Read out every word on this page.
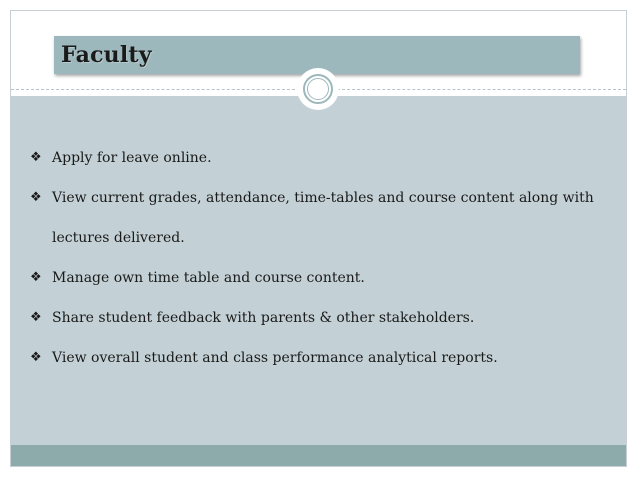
Faculty
❖ Apply for leave online.
❖ View current grades, attendance, time-tables and course content along with lectures delivered.
❖ Manage own time table and course content.
❖ Share student feedback with parents & other stakeholders.
❖ View overall student and class performance analytical reports.
